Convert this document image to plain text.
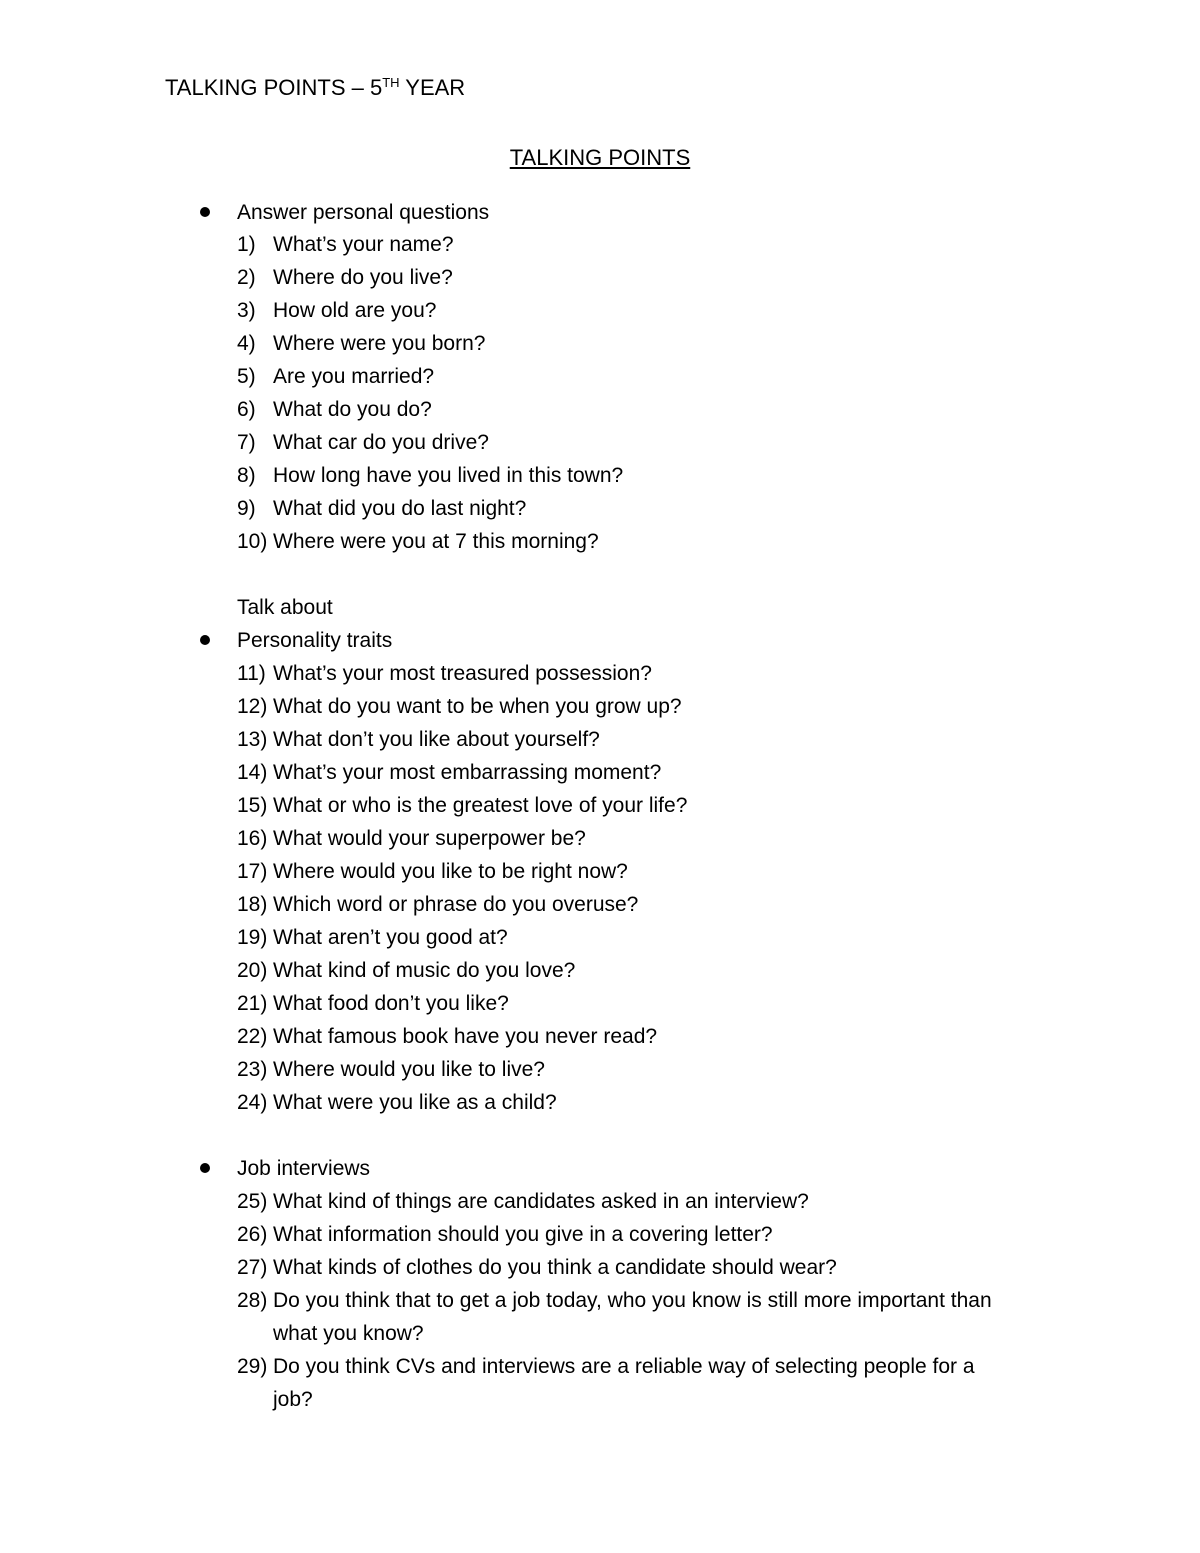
TALKING POINTS – 5TH YEAR
TALKING POINTS
Answer personal questions
1) What’s your name?
2) Where do you live?
3) How old are you?
4) Where were you born?
5) Are you married?
6) What do you do?
7) What car do you drive?
8) How long have you lived in this town?
9) What did you do last night?
10) Where were you at 7 this morning?
Talk about
Personality traits
11) What’s your most treasured possession?
12) What do you want to be when you grow up?
13) What don’t you like about yourself?
14) What’s your most embarrassing moment?
15) What or who is the greatest love of your life?
16) What would your superpower be?
17) Where would you like to be right now?
18) Which word or phrase do you overuse?
19) What aren’t you good at?
20) What kind of music do you love?
21) What food don’t you like?
22) What famous book have you never read?
23) Where would you like to live?
24) What were you like as a child?
Job interviews
25) What kind of things are candidates asked in an interview?
26) What information should you give in a covering letter?
27) What kinds of clothes do you think a candidate should wear?
28) Do you think that to get a job today, who you know is still more important than
what you know?
29) Do you think CVs and interviews are a reliable way of selecting people for a
job?
